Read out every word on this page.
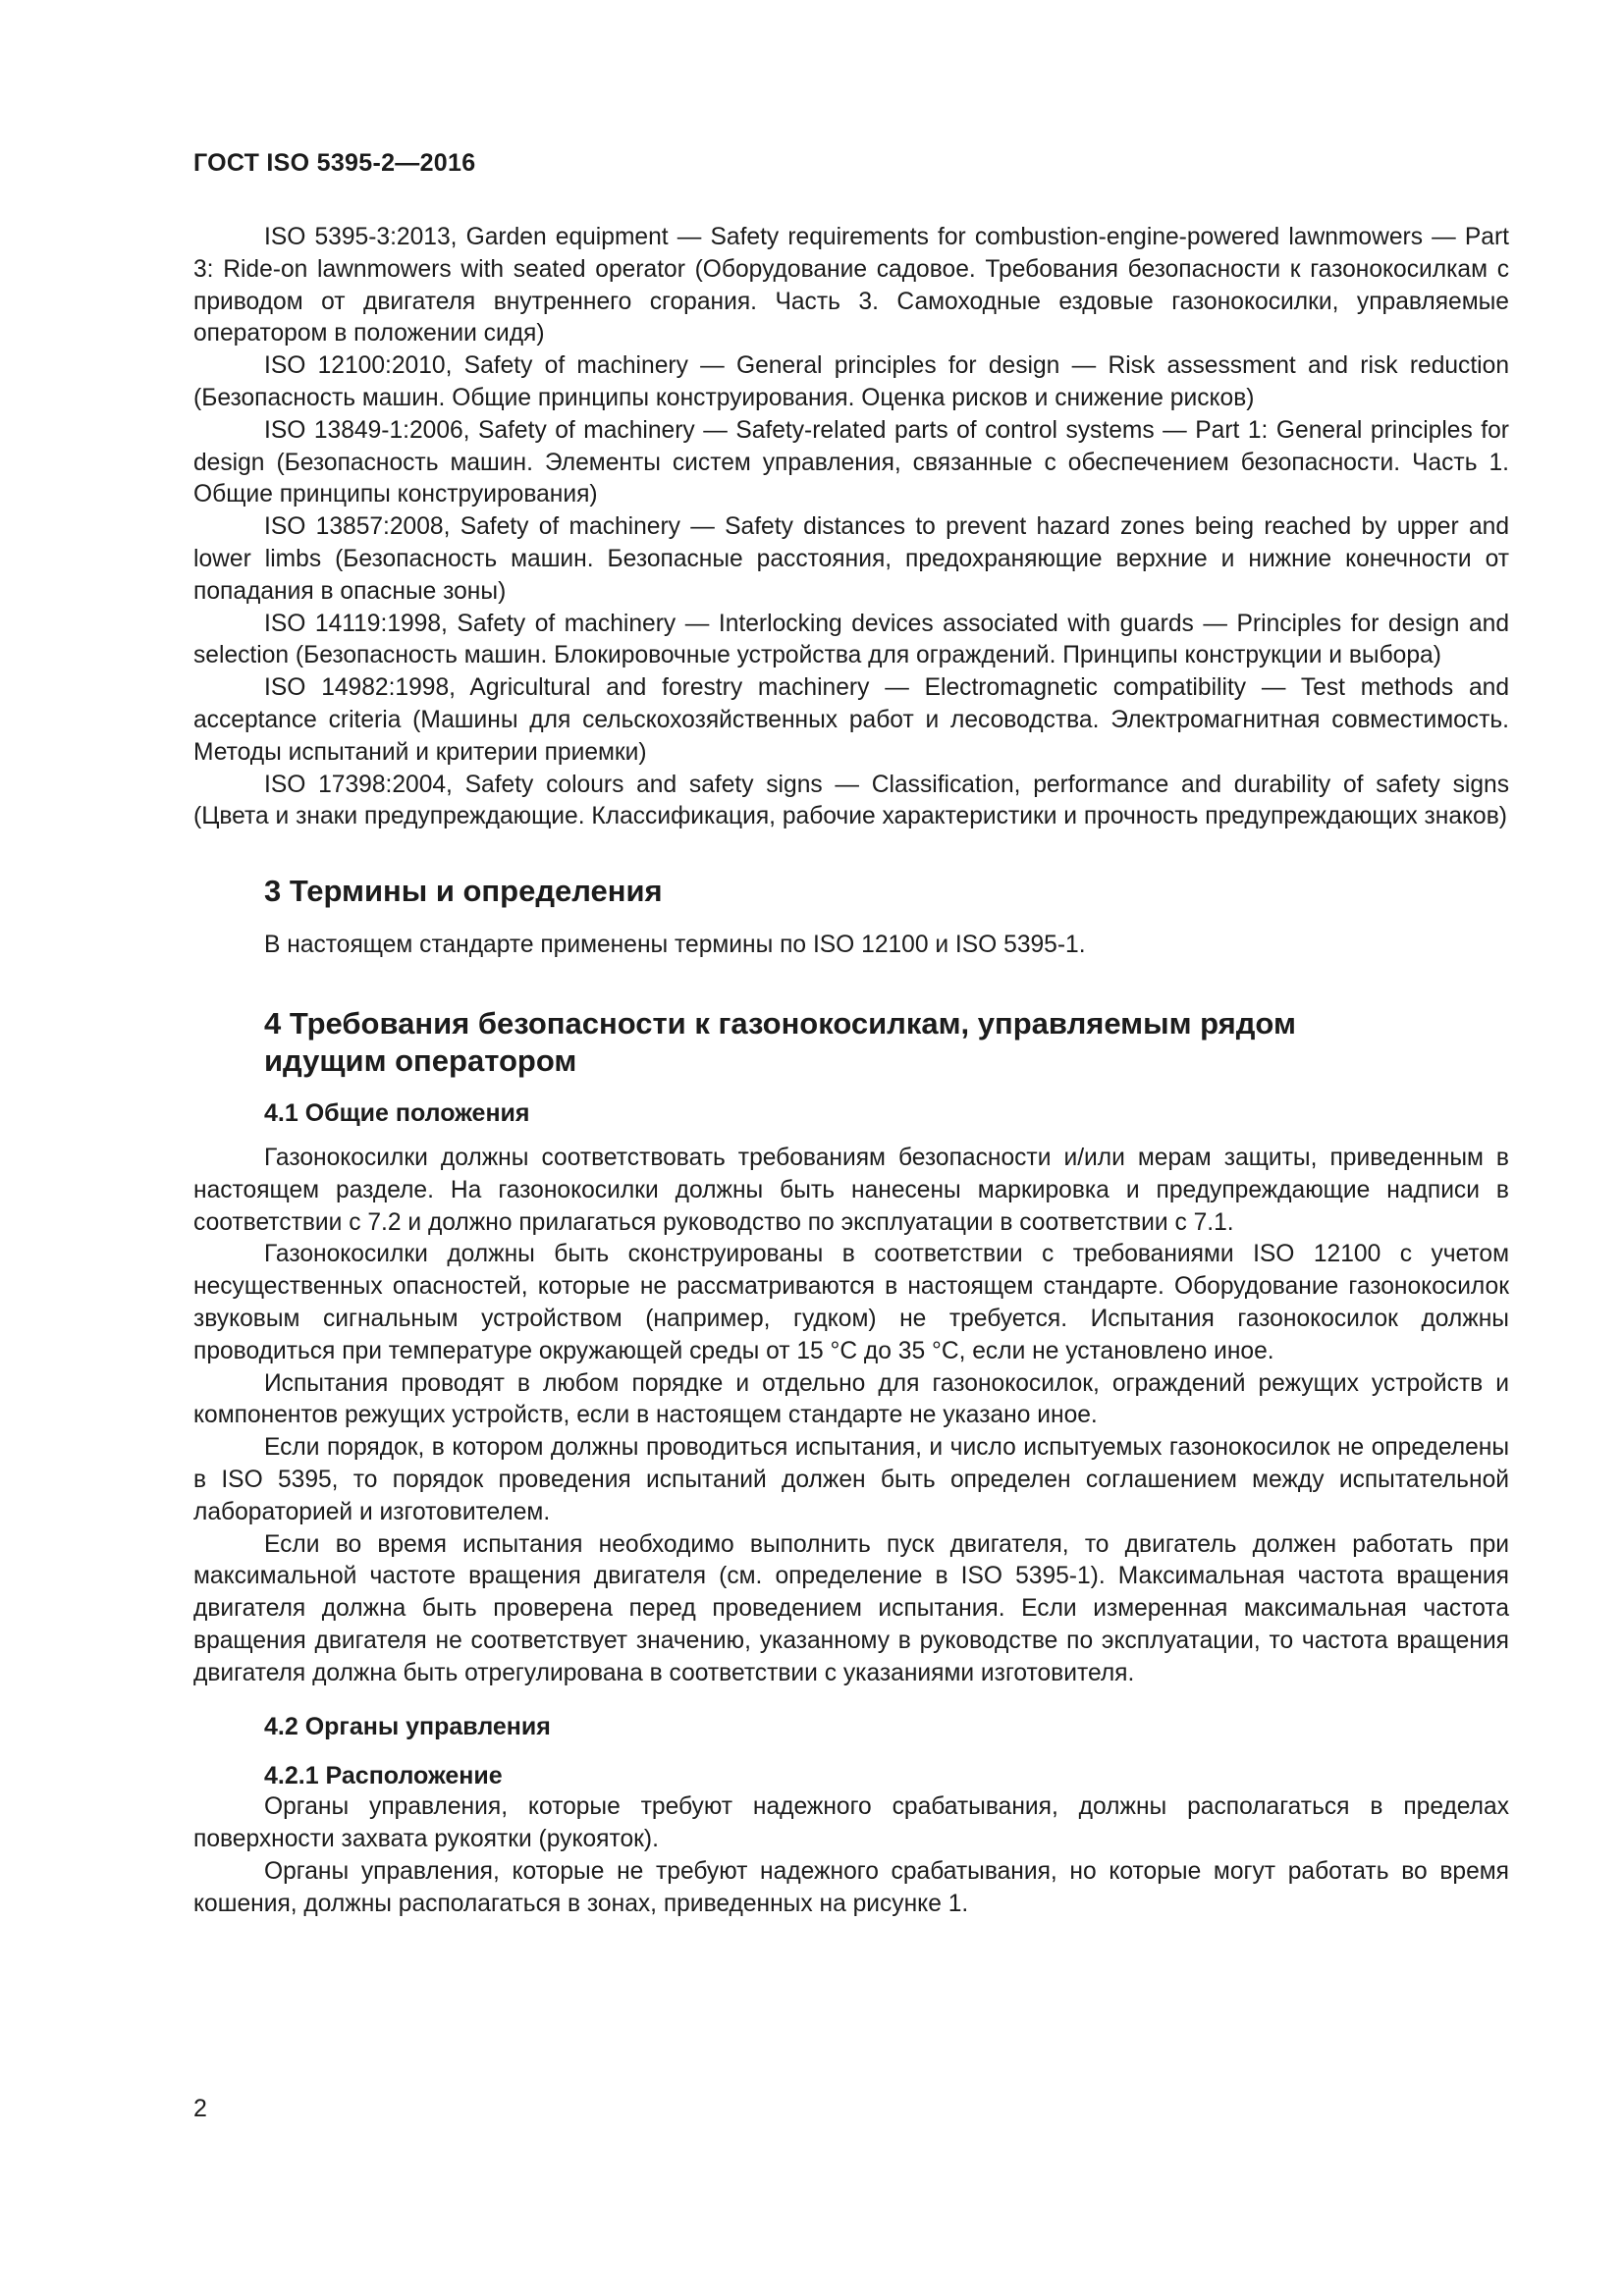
ГОСТ ISO 5395-2—2016

ISO 5395-3:2013, Garden equipment — Safety requirements for combustion-engine-powered lawnmowers — Part 3: Ride-on lawnmowers with seated operator (Оборудование садовое. Требования безопасности к газонокосилкам с приводом от двигателя внутреннего сгорания. Часть 3. Самоходные ездовые газонокосилки, управляемые оператором в положении сидя)

ISO 12100:2010, Safety of machinery — General principles for design — Risk assessment and risk reduction (Безопасность машин. Общие принципы конструирования. Оценка рисков и снижение рисков)

ISO 13849-1:2006, Safety of machinery — Safety-related parts of control systems — Part 1: General principles for design (Безопасность машин. Элементы систем управления, связанные с обеспечением безопасности. Часть 1. Общие принципы конструирования)

ISO 13857:2008, Safety of machinery — Safety distances to prevent hazard zones being reached by upper and lower limbs (Безопасность машин. Безопасные расстояния, предохраняющие верхние и нижние конечности от попадания в опасные зоны)

ISO 14119:1998, Safety of machinery — Interlocking devices associated with guards — Principles for design and selection (Безопасность машин. Блокировочные устройства для ограждений. Принципы конструкции и выбора)

ISO 14982:1998, Agricultural and forestry machinery — Electromagnetic compatibility — Test methods and acceptance criteria (Машины для сельскохозяйственных работ и лесоводства. Электромагнитная совместимость. Методы испытаний и критерии приемки)

ISO 17398:2004, Safety colours and safety signs — Classification, performance and durability of safety signs (Цвета и знаки предупреждающие. Классификация, рабочие характеристики и прочность предупреждающих знаков)

3 Термины и определения

В настоящем стандарте применены термины по ISO 12100 и ISO 5395-1.

4 Требования безопасности к газонокосилкам, управляемым рядом
идущим оператором
4.1 Общие положения

Газонокосилки должны соответствовать требованиям безопасности и/или мерам защиты, приведенным в настоящем разделе. На газонокосилки должны быть нанесены маркировка и предупреждающие надписи в соответствии с 7.2 и должно прилагаться руководство по эксплуатации в соответствии с 7.1.

Газонокосилки должны быть сконструированы в соответствии с требованиями ISO 12100 с учетом несущественных опасностей, которые не рассматриваются в настоящем стандарте. Оборудование газонокосилок звуковым сигнальным устройством (например, гудком) не требуется. Испытания газонокосилок должны проводиться при температуре окружающей среды от 15 °С до 35 °С, если не установлено иное.

Испытания проводят в любом порядке и отдельно для газонокосилок, ограждений режущих устройств и компонентов режущих устройств, если в настоящем стандарте не указано иное.

Если порядок, в котором должны проводиться испытания, и число испытуемых газонокосилок не определены в ISO 5395, то порядок проведения испытаний должен быть определен соглашением между испытательной лабораторией и изготовителем.

Если во время испытания необходимо выполнить пуск двигателя, то двигатель должен работать при максимальной частоте вращения двигателя (см. определение в ISO 5395-1). Максимальная частота вращения двигателя должна быть проверена перед проведением испытания. Если измеренная максимальная частота вращения двигателя не соответствует значению, указанному в руководстве по эксплуатации, то частота вращения двигателя должна быть отрегулирована в соответствии с указаниями изготовителя.

4.2 Органы управления
4.2.1 Расположение

Органы управления, которые требуют надежного срабатывания, должны располагаться в пределах поверхности захвата рукоятки (рукояток).

Органы управления, которые не требуют надежного срабатывания, но которые могут работать во время кошения, должны располагаться в зонах, приведенных на рисунке 1.

2
